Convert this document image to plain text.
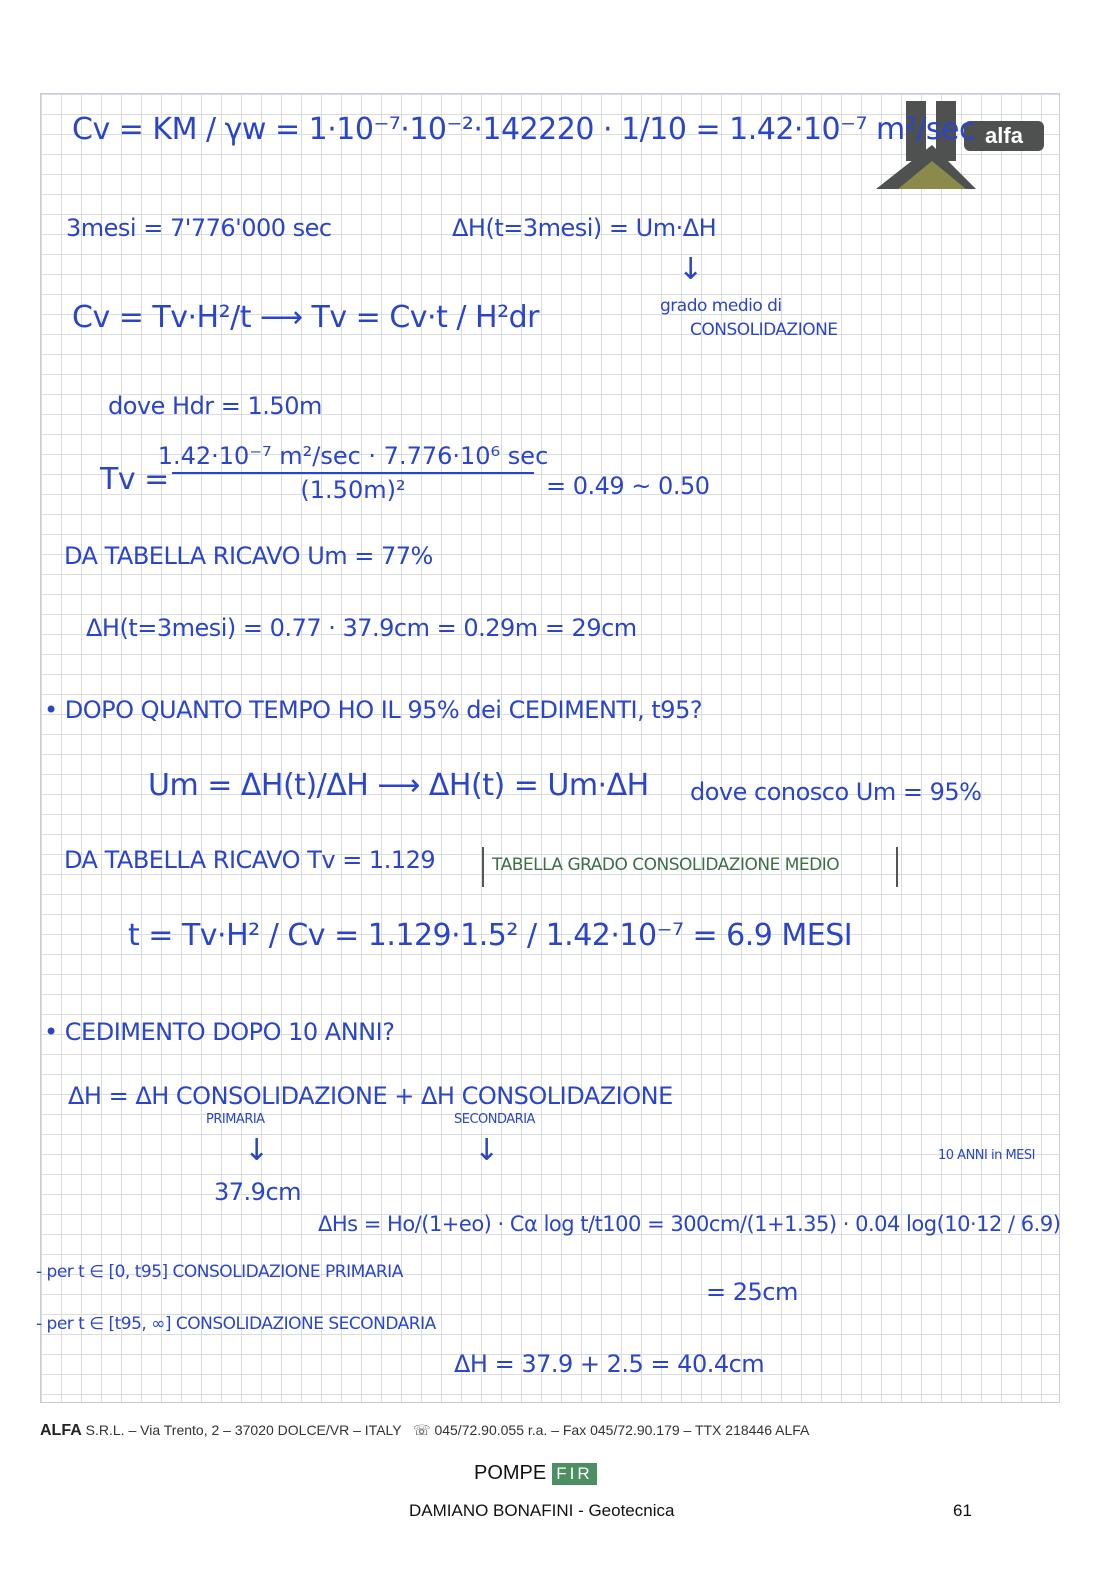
alfa
Cv = KM / γw = 1·10⁻⁷·10⁻²·142220 · 1/10 = 1.42·10⁻⁷ m²/sec
3mesi = 7'776'000 sec	ΔH(t=3mesi) = Um·ΔH
↓
grado medio di
CONSOLIDAZIONE
Cv = Tv·H²/t ⟶ Tv = Cv·t / H²dr
dove Hdr = 1.50m
Tv =
1.42·10⁻⁷ m²/sec · 7.776·10⁶ sec
(1.50m)²	= 0.49 ~ 0.50
DA TABELLA RICAVO Um = 77%
ΔH(t=3mesi) = 0.77 · 37.9cm = 0.29m = 29cm
• DOPO QUANTO TEMPO HO IL 95% dei CEDIMENTI, t95?
Um = ΔH(t)/ΔH ⟶ ΔH(t) = Um·ΔH dove conosco Um = 95%
DA TABELLA RICAVO Tv = 1.129	TABELLA GRADO CONSOLIDAZIONE MEDIO
t = Tv·H² / Cv = 1.129·1.5² / 1.42·10⁻⁷ = 6.9 MESI
• CEDIMENTO DOPO 10 ANNI?
ΔH = ΔH CONSOLIDAZIONE + ΔH CONSOLIDAZIONE
PRIMARIA	SECONDARIA
↓	↓	10 ANNI in MESI
37.9cm
ΔHs = Ho/(1+eo) · Cα log t/t100 = 300cm/(1+1.35) · 0.04 log(10·12 / 6.9)
= 25cm
- per t ∈ [0, t95] CONSOLIDAZIONE PRIMARIA
- per t ∈ [t95, ∞] CONSOLIDAZIONE SECONDARIA
ΔH = 37.9 + 2.5 = 40.4cm
ALFA S.R.L. – Via Trento, 2 – 37020 DOLCE/VR – ITALY ☏ 045/72.90.055 r.a. – Fax 045/72.90.179 – TTX 218446 ALFA
POMPE FIR
DAMIANO BONAFINI - Geotecnica	61
